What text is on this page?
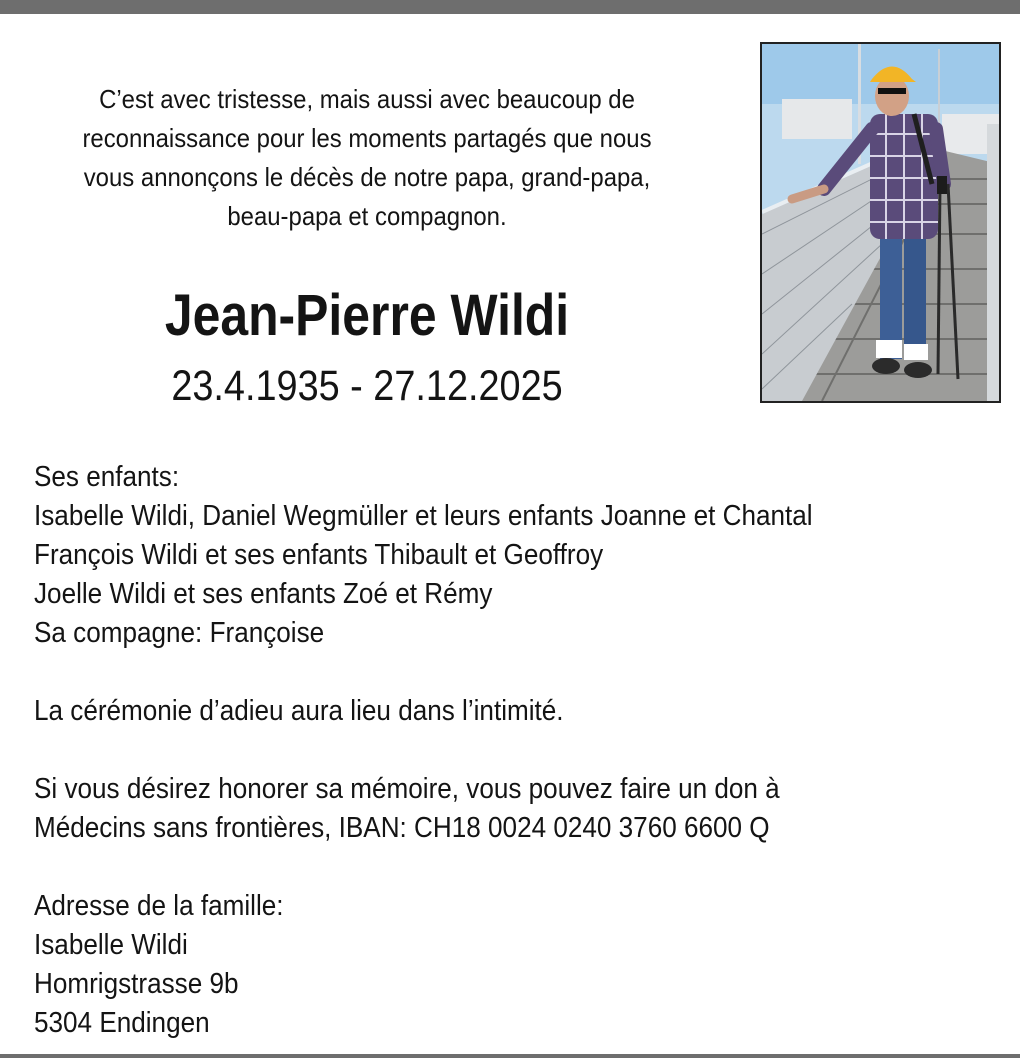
C’est avec tristesse, mais aussi avec beaucoup de
reconnaissance pour les moments partagés que nous
vous annonçons le décès de notre papa, grand-papa,
beau-papa et compagnon.
Jean-Pierre Wildi
23.4.1935 - 27.12.2025
Ses enfants:
Isabelle Wildi, Daniel Wegmüller et leurs enfants Joanne et Chantal
François Wildi et ses enfants Thibault et Geoffroy
Joelle Wildi et ses enfants Zoé et Rémy
Sa compagne: Françoise
La cérémonie d’adieu aura lieu dans l’intimité.
Si vous désirez honorer sa mémoire, vous pouvez faire un don à
Médecins sans frontières, IBAN: CH18 0024 0240 3760 6600 Q
Adresse de la famille:
Isabelle Wildi
Homrigstrasse 9b
5304 Endingen
